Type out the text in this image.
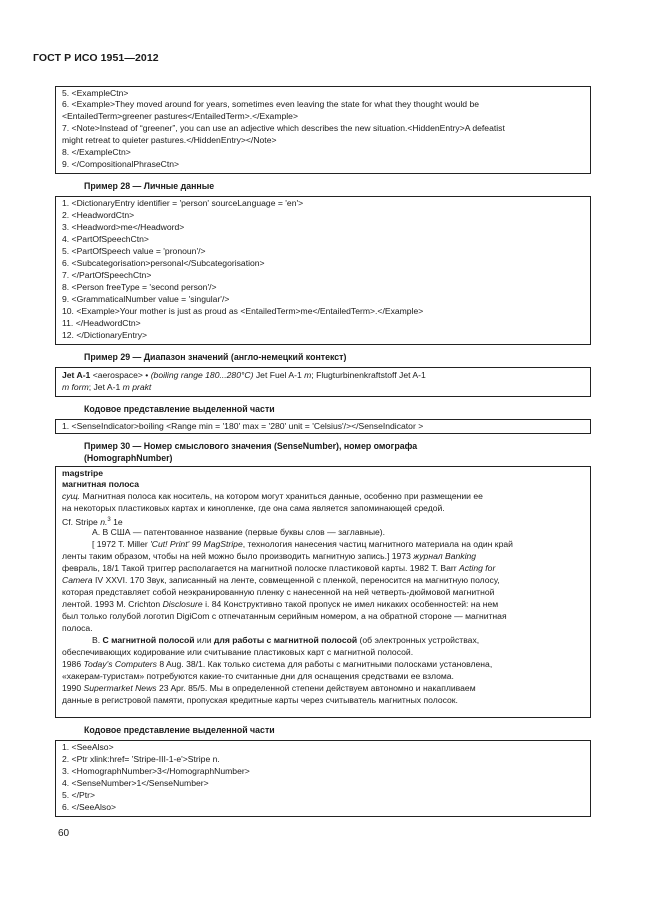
ГОСТ Р ИСО 1951—2012
5. <ExampleCtn>
6. <Example>They moved around for years, sometimes even leaving the state for what they thought would be
<EntailedTerm>greener pastures</EntailedTerm>.</Example>
7. <Note>Instead of “greener”, you can use an adjective which describes the new situation.<HiddenEntry>A defeatist
might retreat to quieter pastures.</HiddenEntry></Note>
8. </ExampleCtn>
9. </CompositionalPhraseCtn>
Пример 28 — Личные данные
1. <DictionaryEntry identifier = 'person' sourceLanguage = 'en'>
2. <HeadwordCtn>
3. <Headword>me</Headword>
4. <PartOfSpeechCtn>
5. <PartOfSpeech value = 'pronoun'/>
6. <Subcategorisation>personal</Subcategorisation>
7. </PartOfSpeechCtn>
8. <Person freeType = 'second person'/>
9. <GrammaticalNumber value = 'singular'/>
10. <Example>Your mother is just as proud as <EntailedTerm>me</EntailedTerm>.</Example>
11. </HeadwordCtn>
12. </DictionaryEntry>
Пример 29 — Диапазон значений (англо-немецкий контекст)
Jet A-1 <aerospace> • (boiling range 180...280°C) Jet Fuel A-1 m; Flugturbinenkraftstoff Jet A-1
m form; Jet A-1 m prakt
Кодовое представление выделенной части
1. <SenseIndicator>boiling <Range min = '180' max = '280' unit = 'Celsius'/></SenseIndicator >
Пример 30 — Номер смыслового значения (SenseNumber), номер омографа
(HomographNumber)
magstripe
магнитная полоса
сущ. Магнитная полоса как носитель, на котором могут храниться данные, особенно при размещении ее
на некоторых пластиковых картах и кинопленке, где она сама является запоминающей средой.
Cf. Stripe n.$^3$ 1e
A. В США — патентованное название (первые буквы слов — заглавные).
[ 1972 T. Miller 'Cut! Print' 99 MagStripe, технология нанесения частиц магнитного материала на один край
ленты таким образом, чтобы на ней можно было производить магнитную запись.] 1973 журнал Banking
февраль, 18/1 Такой триггер располагается на магнитной полоске пластиковой карты. 1982 T. Barr Acting for
Camera IV XXVI. 170 Звук, записанный на ленте, совмещенной с пленкой, переносится на магнитную полосу,
которая представляет собой неэкранированную пленку с нанесенной на ней четверть-дюймовой магнитной
лентой. 1993 M. Crichton Disclosure i. 84 Конструктивно такой пропуск не имел никаких особенностей: на нем
был только голубой логотип DigiCom с отпечатанным серийным номером, а на обратной стороне — магнитная
полоса.
B. С магнитной полосой или для работы с магнитной полосой (об электронных устройствах,
обеспечивающих кодирование или считывание пластиковых карт с магнитной полосой.
1986 Today's Computers 8 Aug. 38/1. Как только система для работы с магнитными полосками установлена,
«хакерам-туристам» потребуются какие-то считанные дни для оснащения средствами ее взлома.
1990 Supermarket News 23 Apr. 85/5. Мы в определенной степени действуем автономно и накапливаем
данные в регистровой памяти, пропуская кредитные карты через считыватель магнитных полосок.
Кодовое представление выделенной части
1. <SeeAlso>
2. <Ptr xlink:href= 'Stripe-III-1-e'>Stripe n.
3. <HomographNumber>3</HomographNumber>
4. <SenseNumber>1</SenseNumber>
5. </Ptr>
6. </SeeAlso>
60
